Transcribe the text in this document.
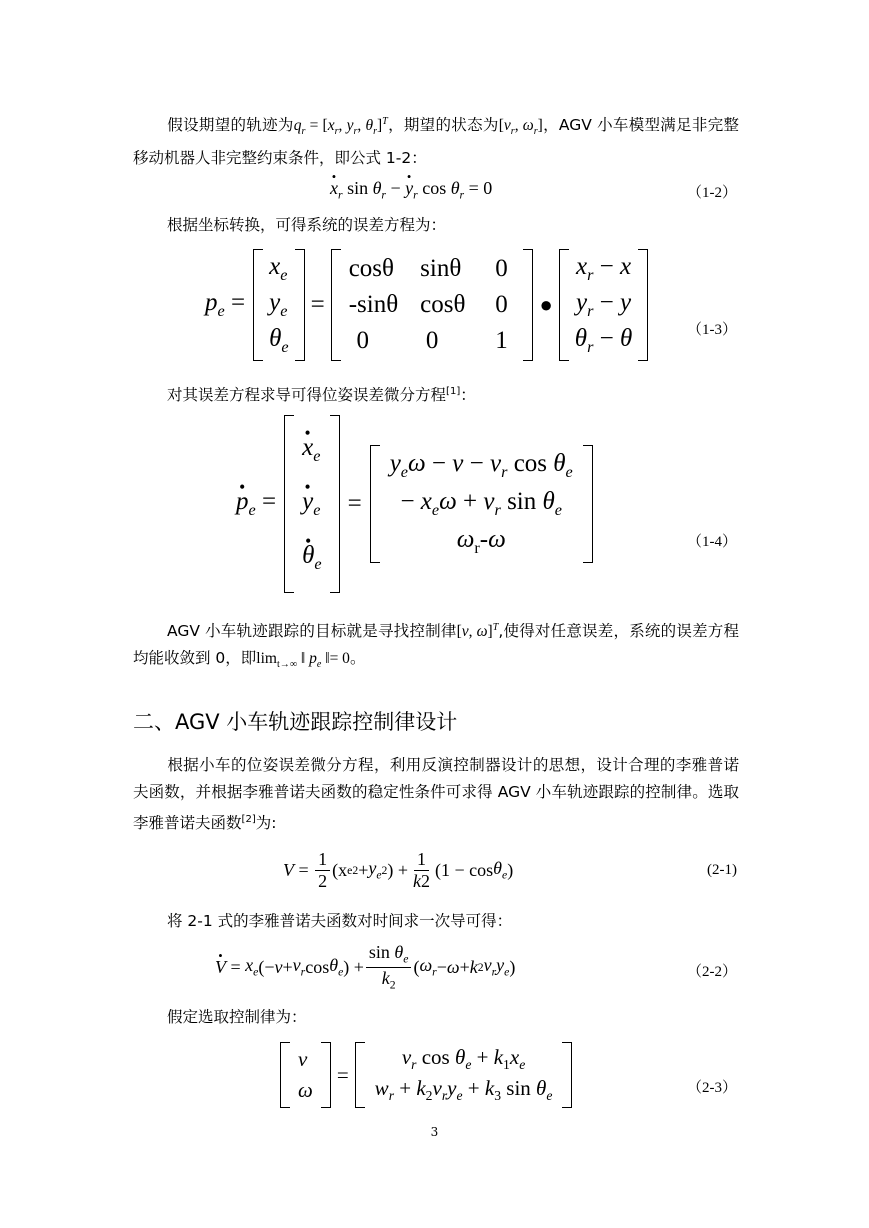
假设期望的轨迹为$q_r = [x_r$, $y_r$, $\theta_r]^T$，期望的状态为[$v_r$, $\omega_r$]，AGV 小车模型满足非完整移动机器人非完整约束条件，即公式 1-2：
• $x_r$ $\sin \theta_r$ − • $y_r$ $\cos \theta_r = 0$	（1-2）
根据坐标转换，可得系统的误差方程为：
$p_e$ =
$x_e$
$y_e$
$\theta_e$
=
cosθ sinθ	0
-sinθ cosθ	0
0	0	1
●
$x_r - x$
$y_r - y$
$\theta_r - \theta$	（1-3）
对其误差方程求导可得位姿误差微分方程[1]：
• $p_e$ =
• $x_e$
• $y_e$
• $\theta_e$
=
$y_e\omega - v - v_r$ $\cos \theta_e$
− $x_e\omega + v_r$ $\sin \theta_e$
$\omega_r-\omega$	（1-4）
AGV 小车轨迹跟踪的目标就是寻找控制律[v, ω]$^T$,使得对任意误差，系统的误差方程均能收敛到 0，即$\lim_{t\to\infty}$ ‖ $p_e$ ‖= 0。
二、AGV 小车轨迹跟踪控制律设计
根据小车的位姿误差微分方程，利用反演控制器设计的思想，设计合理的李雅普诺夫函数，并根据李雅普诺夫函数的稳定性条件可求得 AGV 小车轨迹跟踪的控制律。选取李雅普诺夫函数[2]为:
$V = \frac{1}{2} (x$ e $2 + y_e$ 2 ) + $\frac{1}{k2} (1 - \cos \theta_e$ )	(2-1)
将 2-1 式的李雅普诺夫函数对时间求一次导可得：
• $V = x_e$ (− $v + v_r$ $\cos \theta_e$ ) + $\frac{\sin \theta_e}{k_2}$ ( $\omega_r - \omega + k$ 2 $v_ry_e$ )	（2-2）
假定选取控制律为：
v
ω
=
$v_r$ $\cos \theta_e + k_1x_e$
$w_r + k_2v_ry_e + k_3$ $\sin \theta_e$
（2-3）
3
